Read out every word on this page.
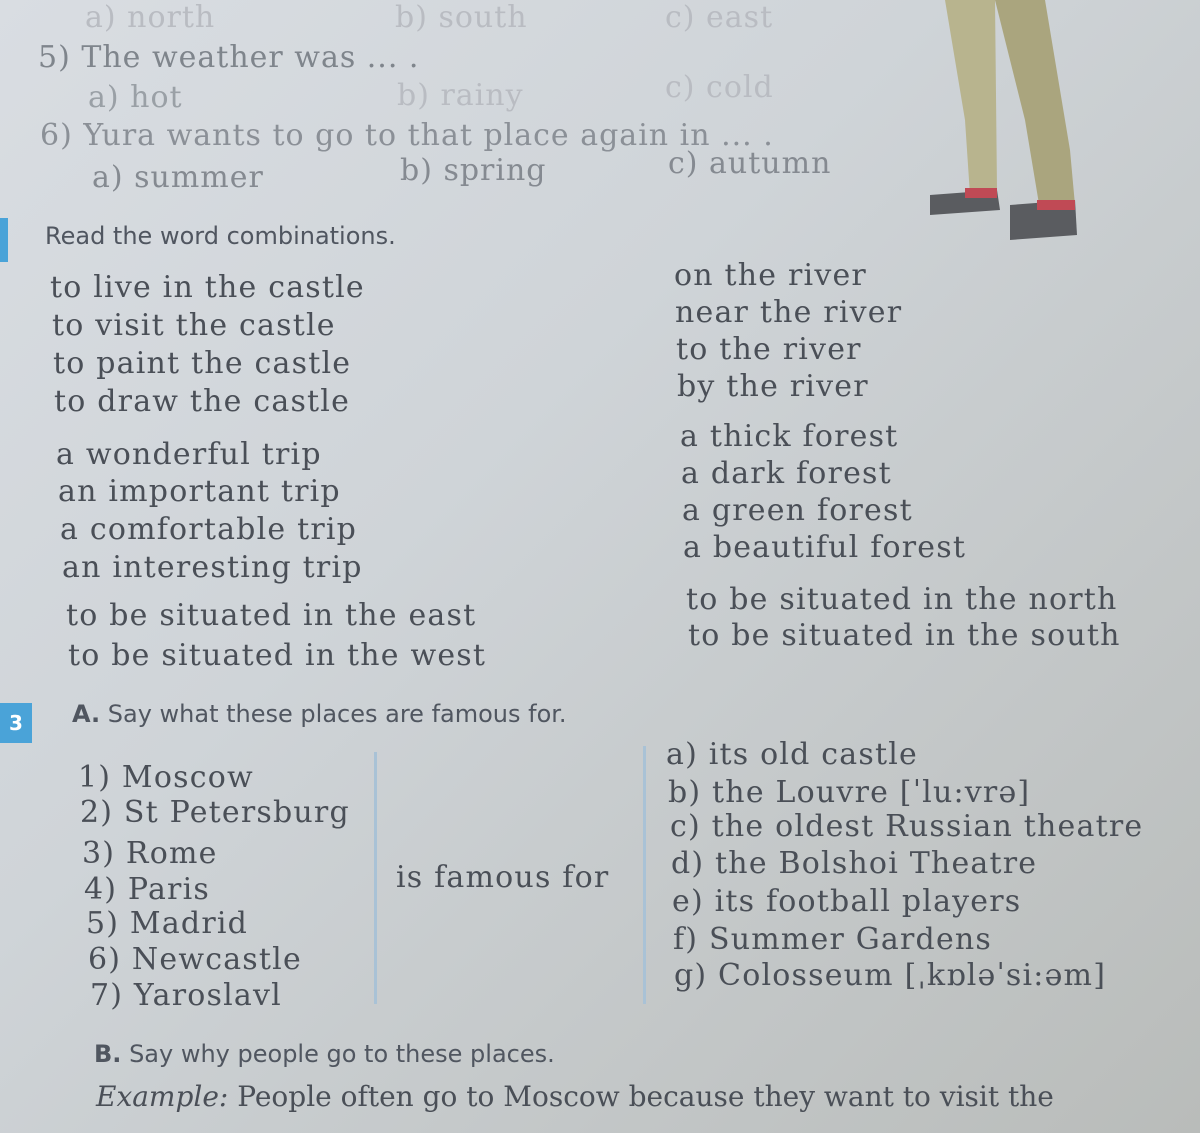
a) north	b) south	c) east
5) The weather was ... .
a) hot	b) rainy	c) cold
6) Yura wants to go to that place again in ... .
a) summer	b) spring	c) autumn
Read the word combinations.
to live in the castle
to visit the castle
to paint the castle
to draw the castle
a wonderful trip
an important trip
a comfortable trip
an interesting trip
to be situated in the east
to be situated in the west
on the river
near the river
to the river
by the river
a thick forest
a dark forest
a green forest
a beautiful forest
to be situated in the north
to be situated in the south
3	A. Say what these places are famous for.
1) Moscow
2) St Petersburg
3) Rome
4) Paris
5) Madrid
6) Newcastle
7) Yaroslavl
is famous for
a) its old castle
b) the Louvre [ˈlu:vrə]
c) the oldest Russian theatre
d) the Bolshoi Theatre
e) its football players
f) Summer Gardens
g) Colosseum [ˌkɒləˈsi:əm]
B. Say why people go to these places.
Example: People often go to Moscow because they want to visit the
